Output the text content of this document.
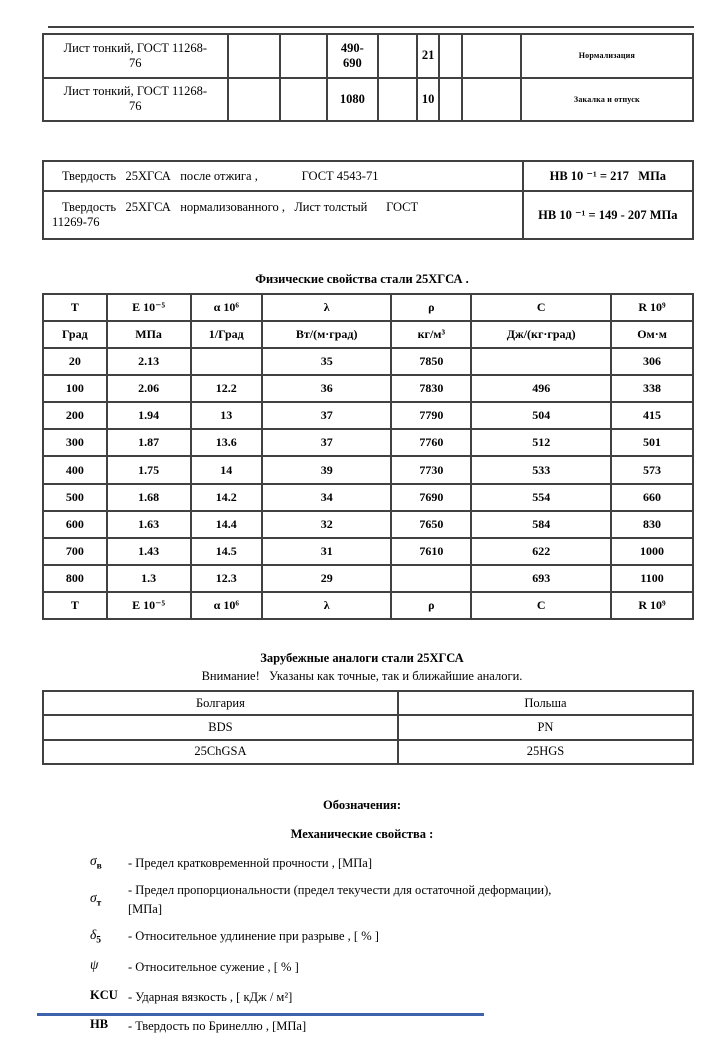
Лист тонкий, ГОСТ 11268-76			490-690		21			Нормализация
Лист тонкий, ГОСТ 11268-76			1080		10			Закалка и отпуск
Твердость   25ХГСА   после отжига ,              ГОСТ 4543-71	HB 10 ⁻¹ = 217   МПа

Твердость   25ХГСА   нормализованного ,   Лист толстый      ГОСТ
11269-76	HB 10 ⁻¹ = 149 - 207 МПа
Физические свойства стали 25ХГСА .
T	E 10⁻⁵	α 10⁶	λ	ρ	C	R 10⁹
Град	МПа	1/Град	Вт/(м·град)	кг/м³	Дж/(кг·град)	Ом·м
20	2.13		35	7850		306
100	2.06	12.2	36	7830	496	338
200	1.94	13	37	7790	504	415
300	1.87	13.6	37	7760	512	501
400	1.75	14	39	7730	533	573
500	1.68	14.2	34	7690	554	660
600	1.63	14.4	32	7650	584	830
700	1.43	14.5	31	7610	622	1000
800	1.3	12.3	29		693	1100
T	E 10⁻⁵	α 10⁶	λ	ρ	C	R 10⁹
Зарубежные аналоги стали 25ХГСА
Внимание!   Указаны как точные, так и ближайшие аналоги.
Болгария	Польша
BDS	PN
25ChGSA	25HGS
Обозначения:
Механические свойства :
$\sigma_в$	- Предел кратковременной прочности , [МПа]
$\sigma_т$
- Предел пропорциональности (предел текучести для остаточной деформации),
[МПа]
$\delta_5$	- Относительное удлинение при разрыве , [ % ]
ψ	- Относительное сужение , [ % ]
KCU - Ударная вязкость , [ кДж / м²]
HB	- Твердость по Бринеллю , [МПа]
